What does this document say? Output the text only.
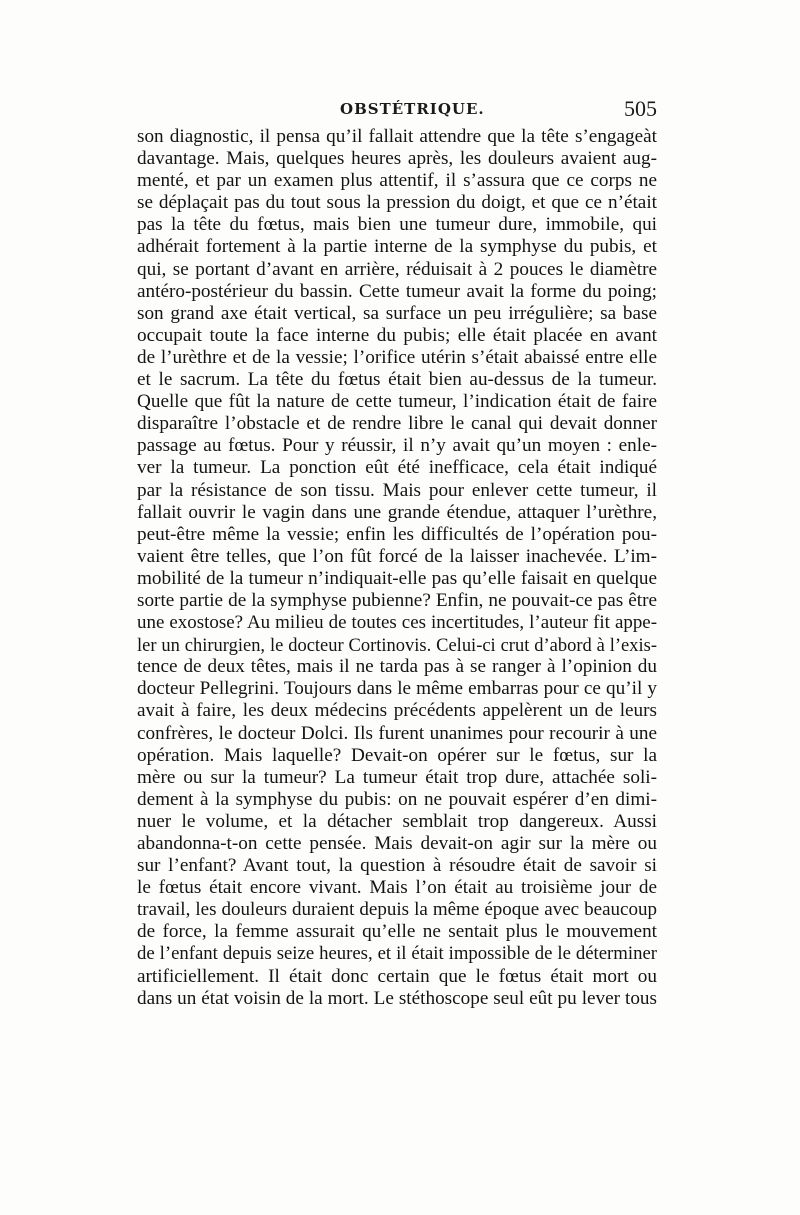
OBSTÉTRIQUE.	505
son diagnostic, il pensa qu’il fallait attendre que la tête s’engageàt
davantage. Mais, quelques heures après, les douleurs avaient aug-
menté, et par un examen plus attentif, il s’assura que ce corps ne
se déplaçait pas du tout sous la pression du doigt, et que ce n’était
pas la tête du fœtus, mais bien une tumeur dure, immobile, qui
adhérait fortement à la partie interne de la symphyse du pubis, et
qui, se portant d’avant en arrière, réduisait à 2 pouces le diamètre
antéro-postérieur du bassin. Cette tumeur avait la forme du poing;
son grand axe était vertical, sa surface un peu irrégulière; sa base
occupait toute la face interne du pubis; elle était placée en avant
de l’urèthre et de la vessie; l’orifice utérin s’était abaissé entre elle
et le sacrum. La tête du fœtus était bien au-dessus de la tumeur.
Quelle que fût la nature de cette tumeur, l’indication était de faire
disparaître l’obstacle et de rendre libre le canal qui devait donner
passage au fœtus. Pour y réussir, il n’y avait qu’un moyen : enle-
ver la tumeur. La ponction eût été inefficace, cela était indiqué
par la résistance de son tissu. Mais pour enlever cette tumeur, il
fallait ouvrir le vagin dans une grande étendue, attaquer l’urèthre,
peut-être même la vessie; enfin les difficultés de l’opération pou-
vaient être telles, que l’on fût forcé de la laisser inachevée. L’im-
mobilité de la tumeur n’indiquait-elle pas qu’elle faisait en quelque
sorte partie de la symphyse pubienne? Enfin, ne pouvait-ce pas être
une exostose? Au milieu de toutes ces incertitudes, l’auteur fit appe-
ler un chirurgien, le docteur Cortinovis. Celui-ci crut d’abord à l’exis-
tence de deux têtes, mais il ne tarda pas à se ranger à l’opinion du
docteur Pellegrini. Toujours dans le même embarras pour ce qu’il y
avait à faire, les deux médecins précédents appelèrent un de leurs
confrères, le docteur Dolci. Ils furent unanimes pour recourir à une
opération. Mais laquelle? Devait-on opérer sur le fœtus, sur la
mère ou sur la tumeur? La tumeur était trop dure, attachée soli-
dement à la symphyse du pubis: on ne pouvait espérer d’en dimi-
nuer le volume, et la détacher semblait trop dangereux. Aussi
abandonna-t-on cette pensée. Mais devait-on agir sur la mère ou
sur l’enfant? Avant tout, la question à résoudre était de savoir si
le fœtus était encore vivant. Mais l’on était au troisième jour de
travail, les douleurs duraient depuis la même époque avec beaucoup
de force, la femme assurait qu’elle ne sentait plus le mouvement
de l’enfant depuis seize heures, et il était impossible de le déterminer
artificiellement. Il était donc certain que le fœtus était mort ou
dans un état voisin de la mort. Le stéthoscope seul eût pu lever tous
